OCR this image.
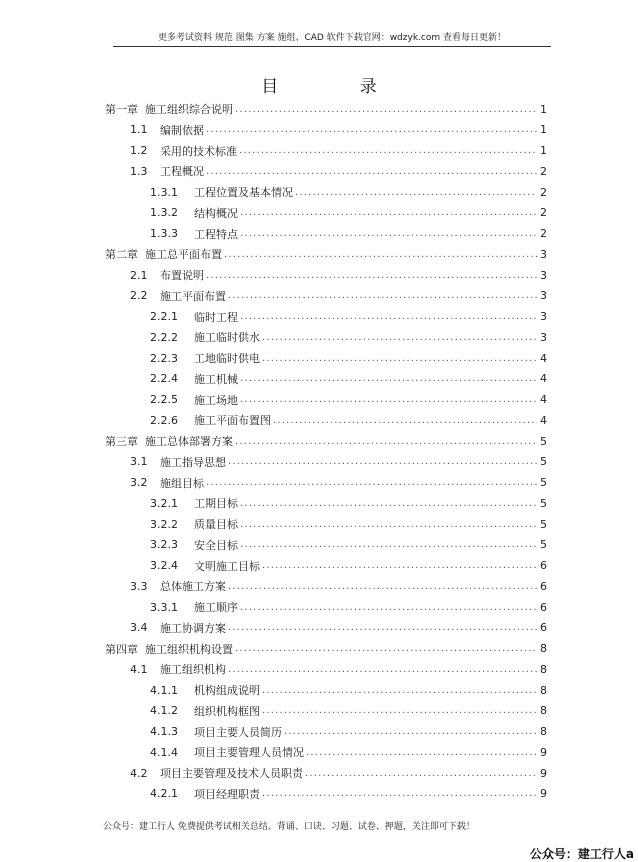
更多考试资料 规范 图集 方案 施组、CAD 软件下载官网：wdzyk.com 查看每日更新！
目 录
第一章 施工组织综合说明 .....	1
1.1	编制依据 .....	1
1.2	采用的技术标准 .....	1
1.3	工程概况 .....	2
1.3.1	工程位置及基本情况 .....	2
1.3.2	结构概况 .....	2
1.3.3	工程特点 .....	2
第二章 施工总平面布置 .....	3
2.1	布置说明 .....	3
2.2	施工平面布置 .....	3
2.2.1	临时工程 .....	3
2.2.2	施工临时供水 .....	3
2.2.3	工地临时供电 .....	4
2.2.4	施工机械 .....	4
2.2.5	施工场地 .....	4
2.2.6	施工平面布置图 .....	4
第三章 施工总体部署方案 .....	5
3.1	施工指导思想 .....	5
3.2	施组目标 .....	5
3.2.1	工期目标 .....	5
3.2.2	质量目标 .....	5
3.2.3	安全目标 .....	5
3.2.4	文明施工目标 .....	6
3.3	总体施工方案 .....	6
3.3.1	施工顺序 .....	6
3.4	施工协调方案 .....	6
第四章 施工组织机构设置 .....	8
4.1	施工组织机构 .....	8
4.1.1	机构组成说明 .....	8
4.1.2	组织机构框图 .....	8
4.1.3	项目主要人员简历 .....	8
4.1.4	项目主要管理人员情况 .....	9
4.2	项目主要管理及技术人员职责 .....	9
4.2.1	项目经理职责 .....	9
公众号：建工行人 免费提供考试相关总结、背诵、口诀、习题、试卷、押题，关注即可下载！
公众号：建工行人a
